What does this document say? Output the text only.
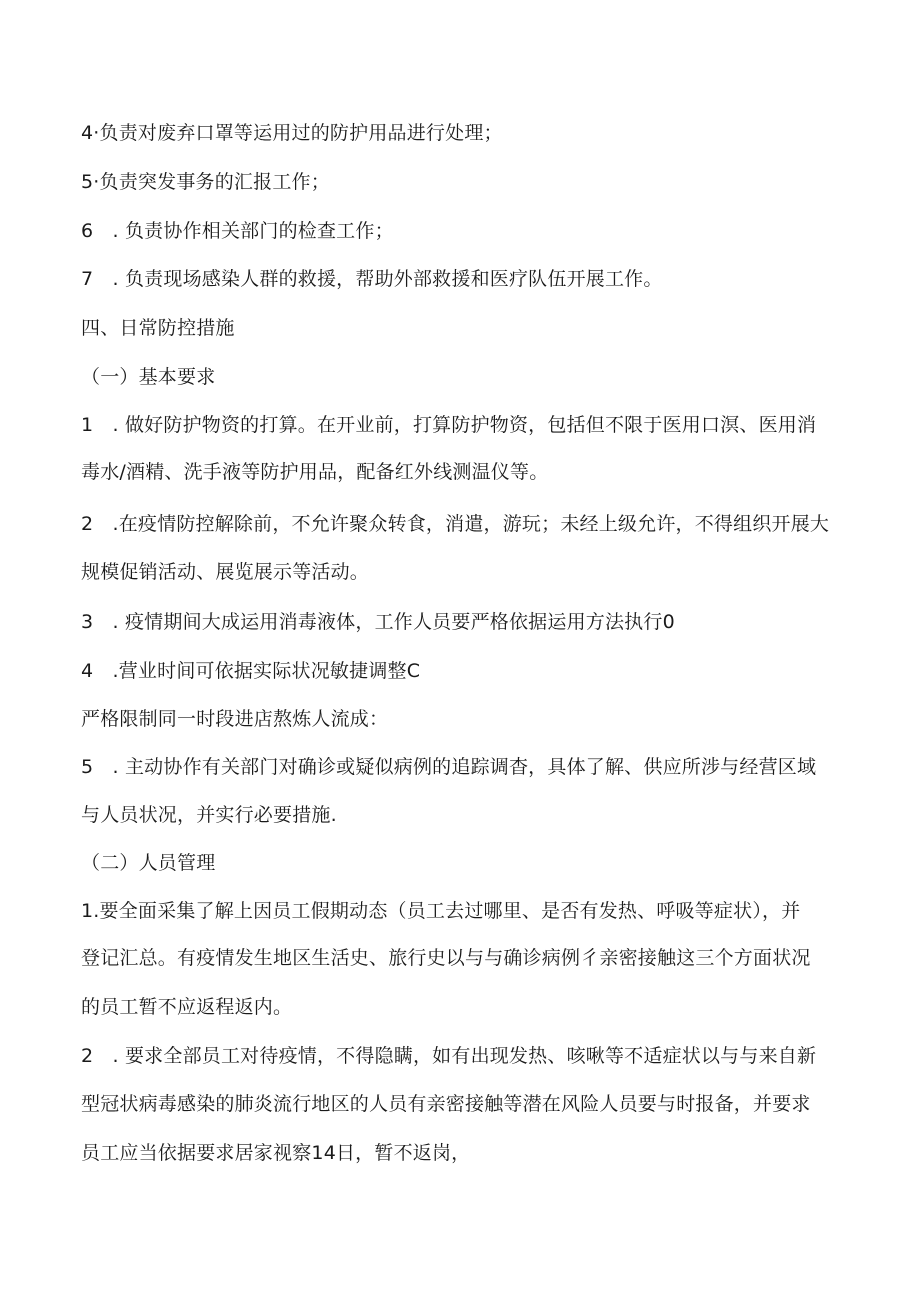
4·负责对废弃口罩等运用过的防护用品进行处理；
5·负责突发事务的汇报工作；
6　. 负责协作相关部门的检查工作；
7　. 负责现场感染人群的救援，帮助外部救援和医疗队伍开展工作。
四、日常防控措施
（一）基本要求
1　. 做好防护物资的打算。在开业前，打算防护物资，包括但不限于医用口溟、医用消
毒水/酒精、洗手液等防护用品，配备红外线测温仪等。
2　.在疫情防控解除前，不允许聚众转食，消遣，游玩；未经上级允许，不得组织开展大
规模促销活动、展览展示等活动。
3　. 疫情期间大成运用消毒液体，工作人员要严格依据运用方法执行0
4　.营业时间可依据实际状况敏捷调整C
严格限制同一时段进店熬炼人流成：
5　. 主动协作有关部门对确诊或疑似病例的追踪调杳，具体了解、供应所涉与经营区域
与人员状况，并实行必要措施.
（二）人员管理
1.要全面采集了解上因员工假期动态（员工去过哪里、是否有发热、呼吸等症状），并
登记汇总。有疫情发生地区生活史、旅行史以与与确诊病例彳亲密接触这三个方面状况
的员工暂不应返程返内。
2　. 要求全部员工对待疫情，不得隐瞒，如有出现发热、咳啾等不适症状以与与来自新
型冠状病毒感染的肺炎流行地区的人员有亲密接触等潜在风险人员要与时报备，并要求
员工应当依据要求居家视察14日，暂不返岗，
